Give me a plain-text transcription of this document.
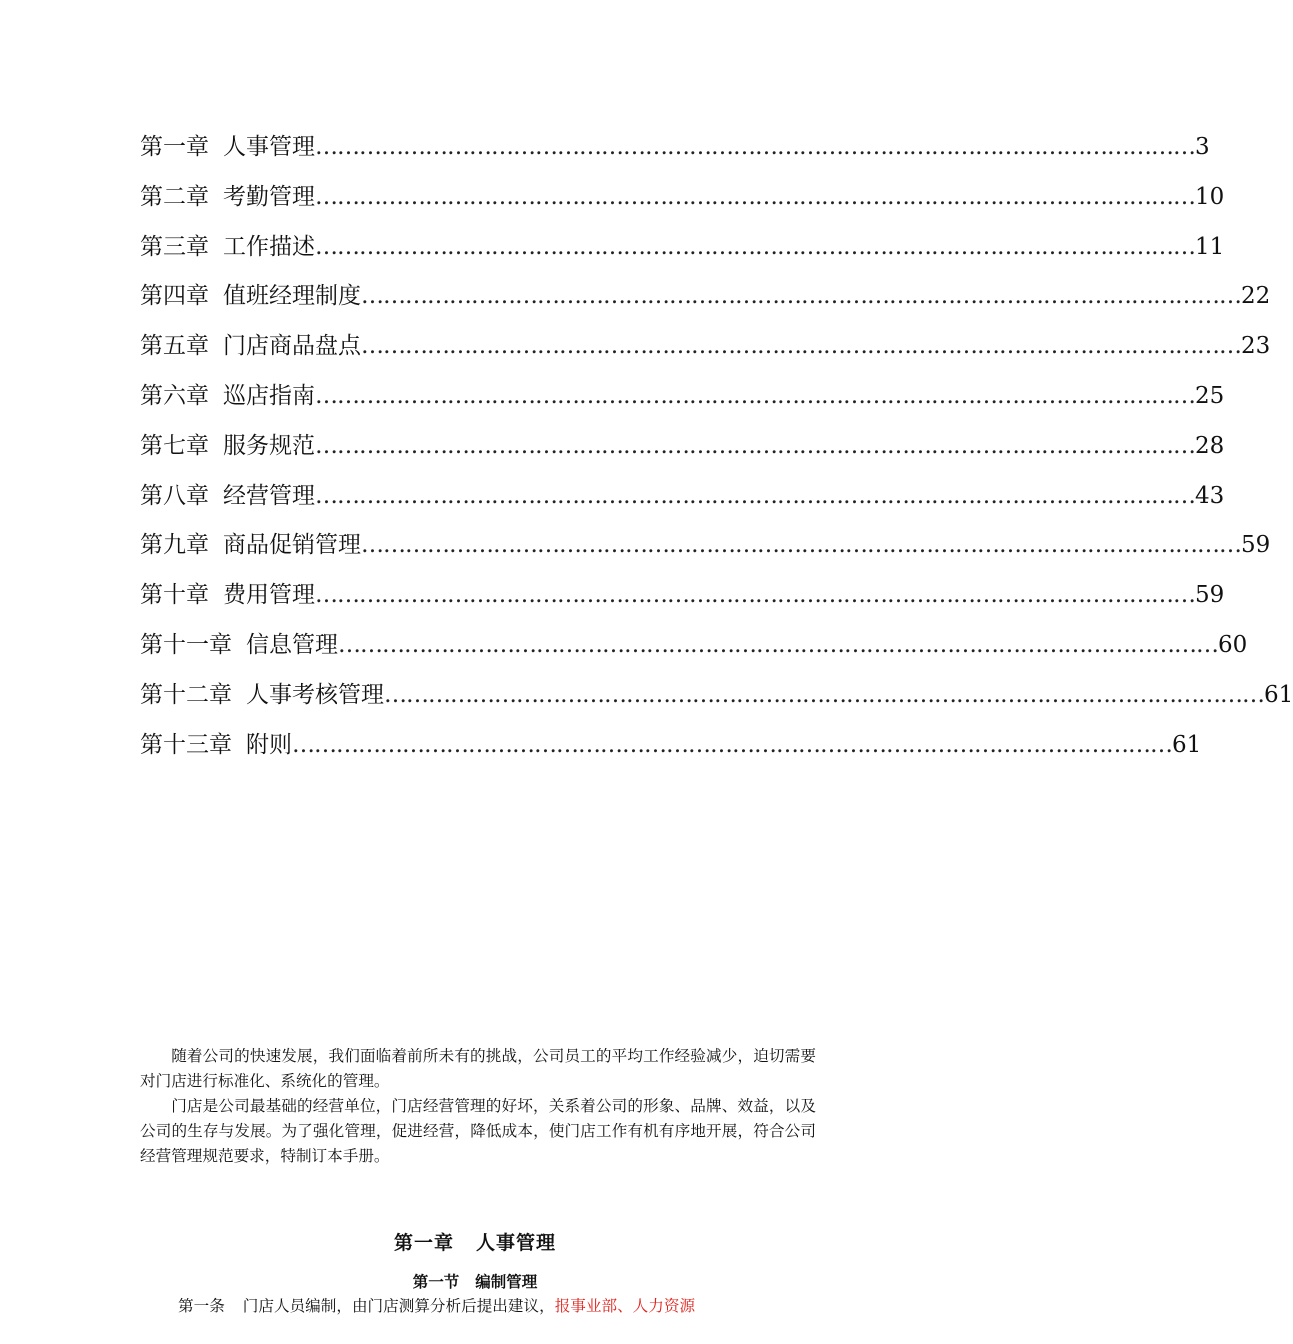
第一章 人事管理 ………………………………………………………………………………………………………… 3
第二章 考勤管理 ………………………………………………………………………………………………………… 10
第三章 工作描述 ………………………………………………………………………………………………………… 11
第四章 值班经理制度 ………………………………………………………………………………………………………… 22
第五章 门店商品盘点 ………………………………………………………………………………………………………… 23
第六章 巡店指南 ………………………………………………………………………………………………………… 25
第七章 服务规范 ………………………………………………………………………………………………………… 28
第八章 经营管理 ………………………………………………………………………………………………………… 43
第九章 商品促销管理 ………………………………………………………………………………………………………… 59
第十章 费用管理 ………………………………………………………………………………………………………… 59
第十一章 信息管理 ………………………………………………………………………………………………………… 60
第十二章 人事考核管理 ………………………………………………………………………………………………………… 61
第十三章 附则 ………………………………………………………………………………………………………… 61

随着公司的快速发展，我们面临着前所未有的挑战，公司员工的平均工作经验减少，迫切需要对门店进行标准化、系统化的管理。

门店是公司最基础的经营单位，门店经营管理的好坏，关系着公司的形象、品牌、效益，以及公司的生存与发展。为了强化管理，促进经营，降低成本，使门店工作有机有序地开展，符合公司经营管理规范要求，特制订本手册。

第一章 人事管理
第一节 编制管理
第一条 门店人员编制，由门店测算分析后提出建议，报事业部、人力资源
